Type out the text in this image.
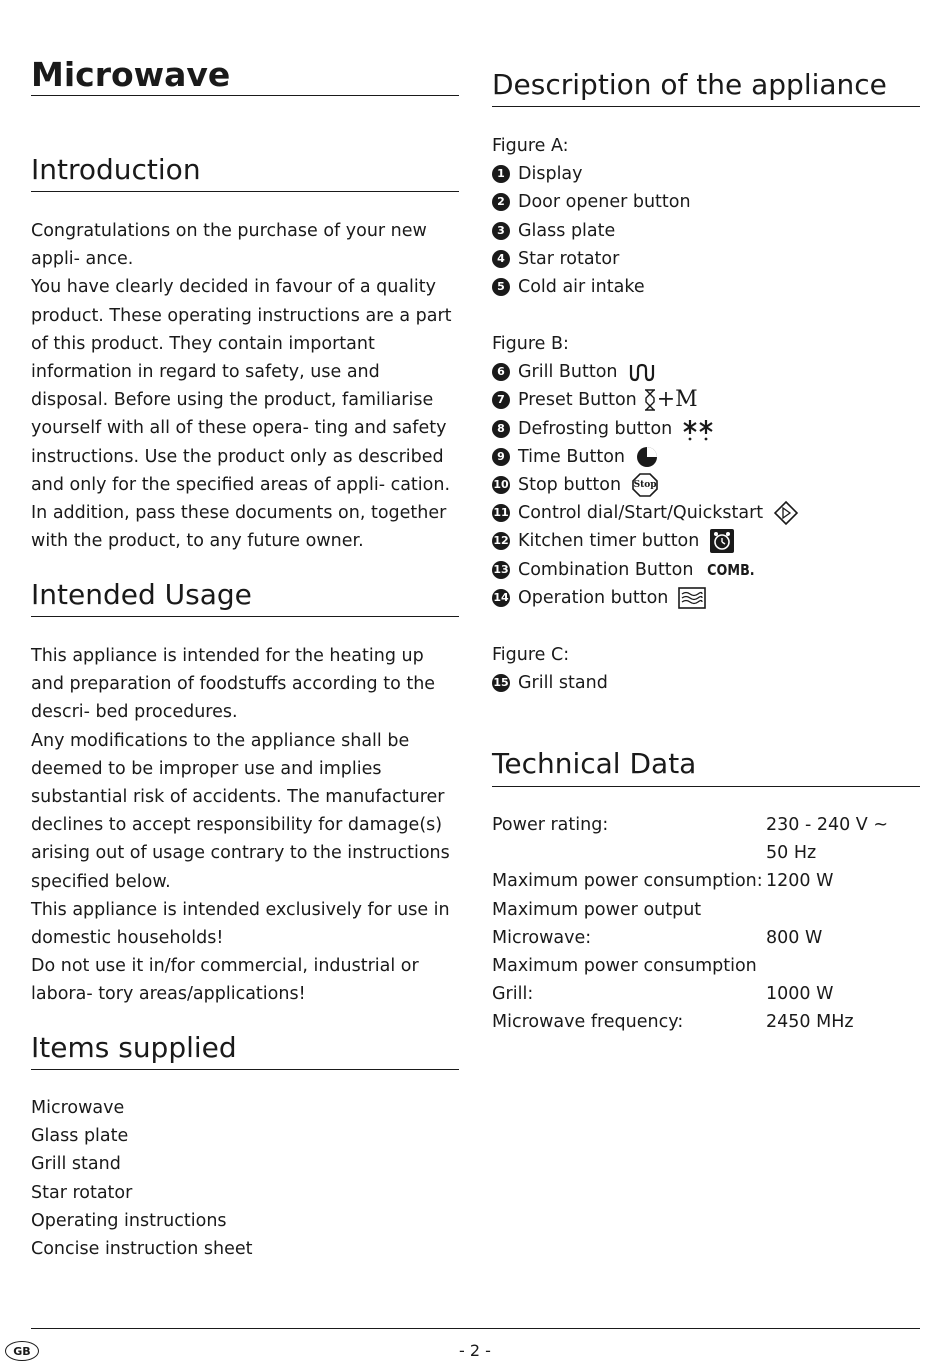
Microwave
Introduction

Congratulations on the purchase of your new appli- ance.

You have clearly decided in favour of a quality product. These operating instructions are a part of this product. They contain important information in regard to safety, use and disposal. Before using the product, familiarise yourself with all of these opera- ting and safety instructions. Use the product only as described and only for the specified areas of appli- cation. In addition, pass these documents on, together with the product, to any future owner.

Intended Usage

This appliance is intended for the heating up and preparation of foodstuffs according to the descri- bed procedures.

Any modifications to the appliance shall be deemed to be improper use and implies substantial risk of accidents. The manufacturer declines to accept responsibility for damage(s) arising out of usage contrary to the instructions specified below.

This appliance is intended exclusively for use in domestic households!

Do not use it in/for commercial, industrial or labora- tory areas/applications!

Items supplied
Microwave
Glass plate
Grill stand
Star rotator
Operating instructions
Concise instruction sheet
Description of the appliance
Figure A:
1 Display
2 Door opener button
3 Glass plate
4 Star rotator
5 Cold air intake
Figure B:
6 Grill Button
7 Preset Button +M
8 Defrosting button
9 Time Button
10 Stop button Stop
11 Control dial/Start/Quickstart
12 Kitchen timer button
13 Combination Button COMB.
14 Operation button
Figure C:
15 Grill stand
Technical Data
Power rating:	230 - 240 V ~
50 Hz
Maximum power consumption: 1200 W
Maximum power output
Microwave:	800 W
Maximum power consumption
Grill:	1000 W
Microwave frequency:	2450 MHz
GB	- 2 -
